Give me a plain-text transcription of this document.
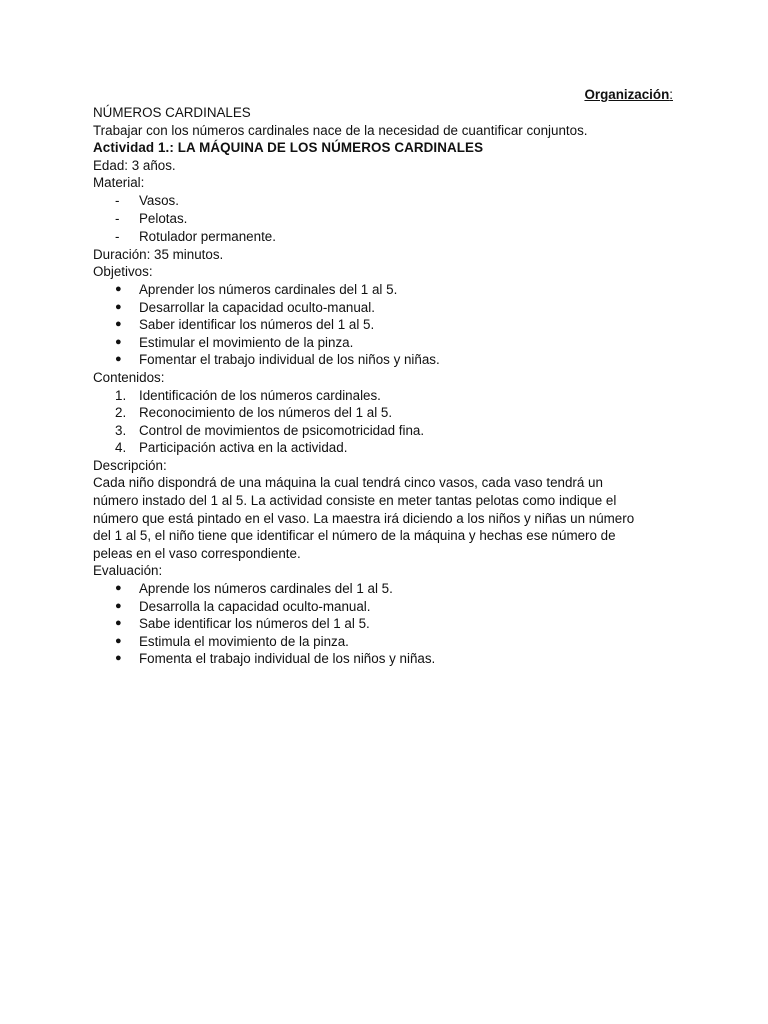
Organización:

NÚMEROS CARDINALES

Trabajar con los números cardinales nace de la necesidad de cuantificar conjuntos.

Actividad 1.: LA MÁQUINA DE LOS NÚMEROS CARDINALES

Edad: 3 años.

Material:

- Vasos.
- Pelotas.
- Rotulador permanente.

Duración: 35 minutos.

Objetivos:

● Aprender los números cardinales del 1 al 5.
● Desarrollar la capacidad oculto-manual.
● Saber identificar los números del 1 al 5.
● Estimular el movimiento de la pinza.
● Fomentar el trabajo individual de los niños y niñas.

Contenidos:

1. Identificación de los números cardinales.
2. Reconocimiento de los números del 1 al 5.
3. Control de movimientos de psicomotricidad fina.
4. Participación activa en la actividad.

Descripción:

Cada niño dispondrá de una máquina la cual tendrá cinco vasos, cada vaso tendrá un

número instado del 1 al 5. La actividad consiste en meter tantas pelotas como indique el

número que está pintado en el vaso. La maestra irá diciendo a los niños y niñas un número

del 1 al 5, el niño tiene que identificar el número de la máquina y hechas ese número de

peleas en el vaso correspondiente.

Evaluación:

● Aprende los números cardinales del 1 al 5.
● Desarrolla la capacidad oculto-manual.
● Sabe identificar los números del 1 al 5.
● Estimula el movimiento de la pinza.
● Fomenta el trabajo individual de los niños y niñas.
